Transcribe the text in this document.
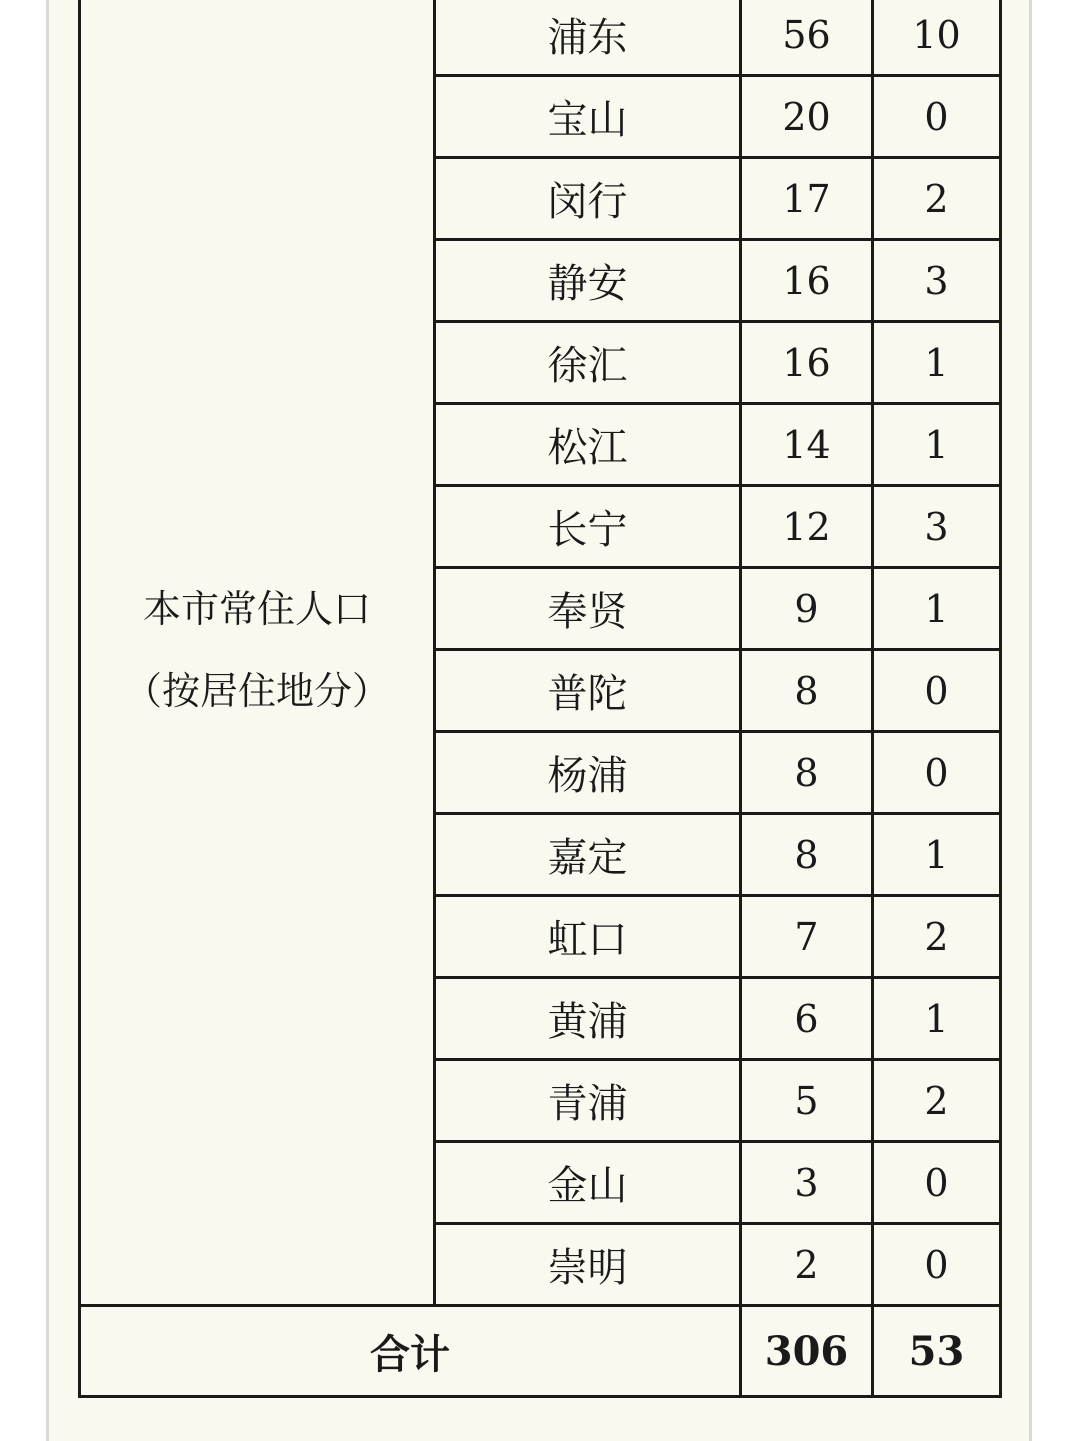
本市常住人口
（按居住地分）	浦东	56	10
	宝山	20	0
	闵行	17	2
	静安	16	3
	徐汇	16	1
	松江	14	1
	长宁	12	3
	奉贤	9	1
	普陀	8	0
	杨浦	8	0
	嘉定	8	1
	虹口	7	2
	黄浦	6	1
	青浦	5	2
	金山	3	0
	崇明	2	0
合计		306	53
